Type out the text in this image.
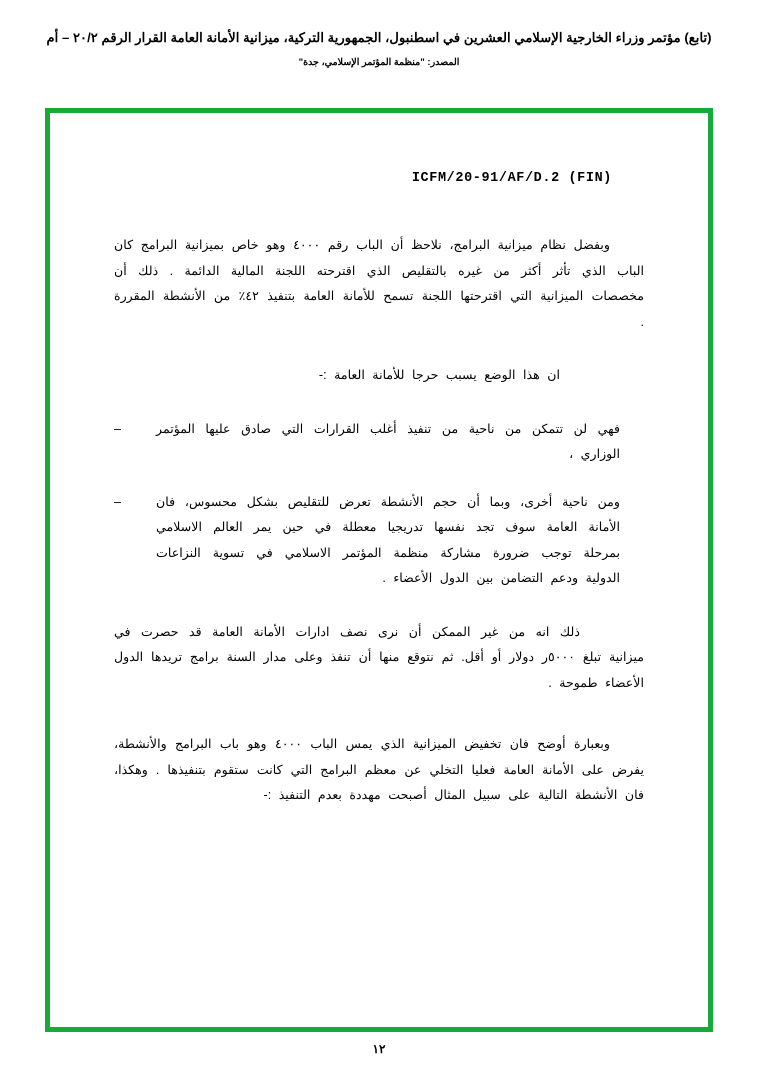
(تابع) مؤتمر وزراء الخارجية الإسلامي العشرين في اسطنبول، الجمهورية التركية، ميزانية الأمانة العامة القرار الرقم ٢٠/٢ – أم
المصدر: "منظمة المؤتمر الإسلامي، جدة"
ICFM/20-91/AF/D.2 (FIN)

وبفضل نظام ميزانية البرامج، نلاحظ أن الباب رقم ٤٠٠٠ وهو خاص بميزانية البرامج كان الباب الذي تأثر أكثر من غيره بالتقليص الذي اقترحته اللجنة المالية الدائمة . ذلك أن مخصصات الميزانية التي اقترحتها اللجنة تسمح للأمانة العامة بتنفيذ ٤٢٪ من الأنشطة المقررة .

ان هذا الوضع يسبب حرجا للأمانة العامة :-

–	فهي لن تتمكن من ناحية من تنفيذ أغلب القرارات التي صادق عليها المؤتمر الوزاري ،

–	ومن ناحية أخرى، وبما أن حجم الأنشطة تعرض للتقليص بشكل محسوس، فان الأمانة العامة سوف تجد نفسها تدريجيا معطلة في حين يمر العالم الاسلامي بمرحلة توجب ضرورة مشاركة منظمة المؤتمر الاسلامي في تسوية النزاعات الدولية ودعم التضامن بين الدول الأعضاء .

ذلك انه من غير الممكن أن نرى نصف ادارات الأمانة العامة قد حصرت في ميزانية تبلغ ٥٠٠٠ر دولار أو أقل. ثم نتوقع منها أن تنفذ وعلى مدار السنة برامج تريدها الدول الأعضاء طموحة .

وبعبارة أوضح فان تخفيض الميزانية الذي يمس الباب ٤٠٠٠ وهو باب البرامج والأنشطة، يفرض على الأمانة العامة فعليا التخلي عن معظم البرامج التي كانت ستقوم بتنفيذها . وهكذا، فان الأنشطة التالية على سبيل المثال أصبحت مهددة بعدم التنفيذ :-

١٢
